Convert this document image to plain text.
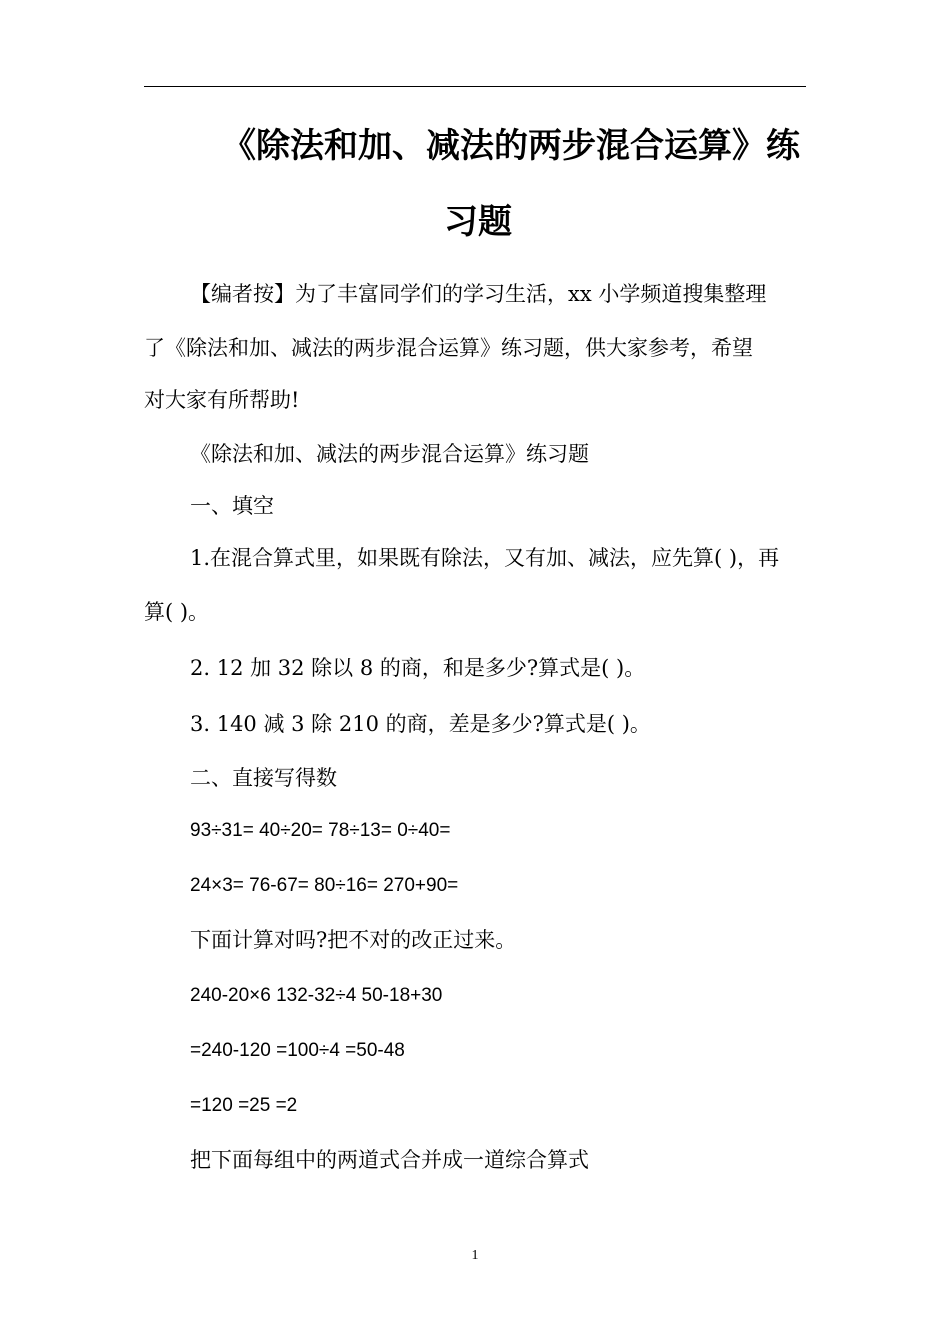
《除法和加、减法的两步混合运算》练
习题
【编者按】为了丰富同学们的学习生活，xx 小学频道搜集整理
了《除法和加、减法的两步混合运算》练习题，供大家参考，希望
对大家有所帮助!
《除法和加、减法的两步混合运算》练习题
一、填空
1.在混合算式里，如果既有除法，又有加、减法，应先算( )，再
算( )。
2. 12 加 32 除以 8 的商，和是多少?算式是( )。
3. 140 减 3 除 210 的商，差是多少?算式是( )。
二、直接写得数
93÷31= 40÷20= 78÷13= 0÷40=
24×3= 76-67= 80÷16= 270+90=
下面计算对吗?把不对的改正过来。
240-20×6 132-32÷4 50-18+30
=240-120 =100÷4 =50-48
=120 =25 =2
把下面每组中的两道式合并成一道综合算式
1
